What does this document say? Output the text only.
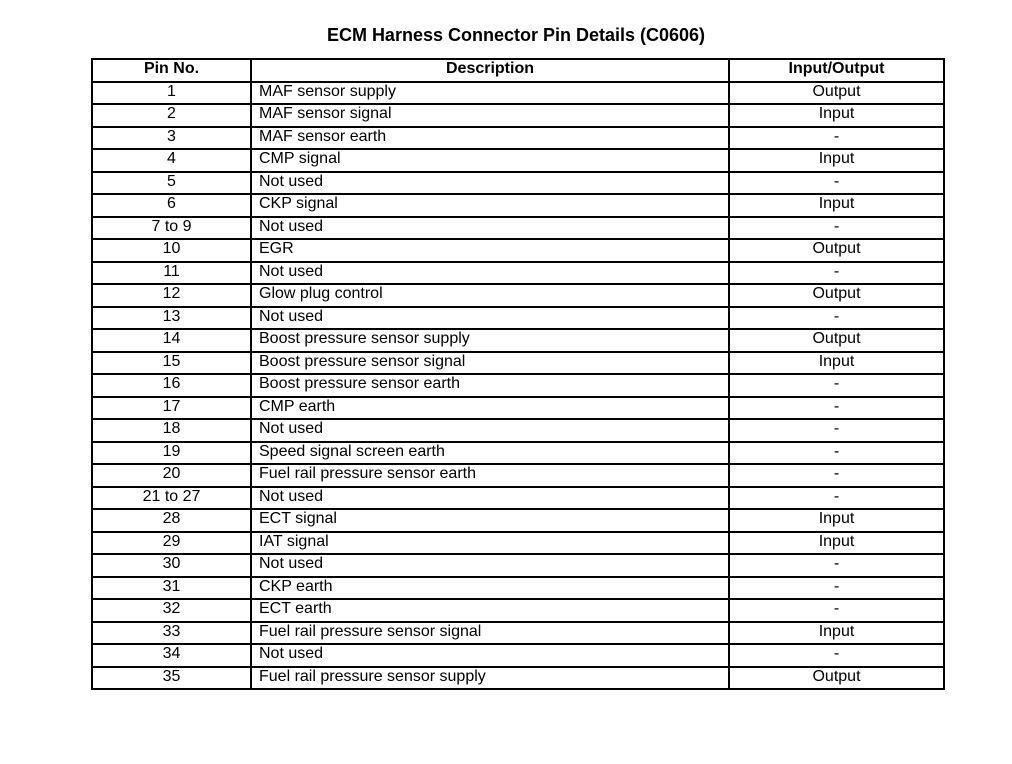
ECM Harness Connector Pin Details (C0606)
Pin No.	Description	Input/Output
1	MAF sensor supply	Output
2	MAF sensor signal	Input
3	MAF sensor earth	-
4	CMP signal	Input
5	Not used	-
6	CKP signal	Input
7 to 9	Not used	-
10	EGR	Output
11	Not used	-
12	Glow plug control	Output
13	Not used	-
14	Boost pressure sensor supply	Output
15	Boost pressure sensor signal	Input
16	Boost pressure sensor earth	-
17	CMP earth	-
18	Not used	-
19	Speed signal screen earth	-
20	Fuel rail pressure sensor earth	-
21 to 27	Not used	-
28	ECT signal	Input
29	IAT signal	Input
30	Not used	-
31	CKP earth	-
32	ECT earth	-
33	Fuel rail pressure sensor signal	Input
34	Not used	-
35	Fuel rail pressure sensor supply	Output
